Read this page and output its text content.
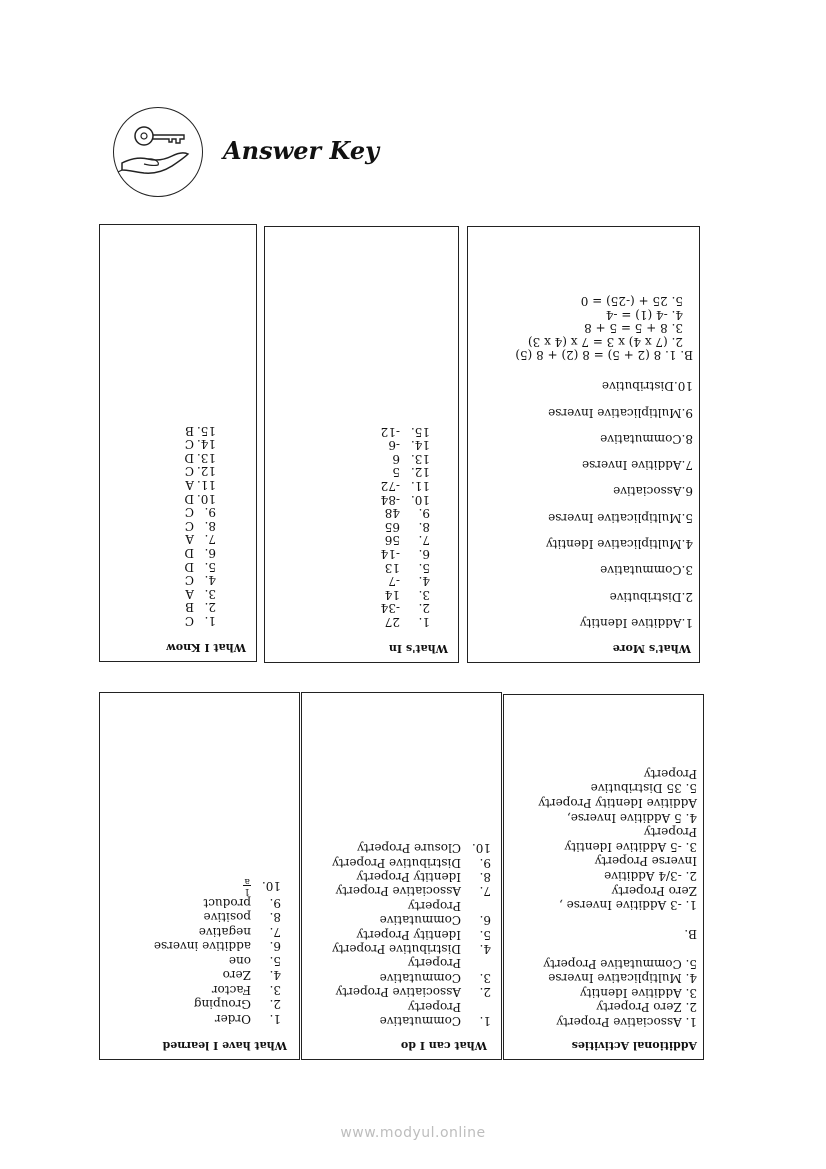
Answer Key
What I Know
1.C
2.B
3.A
4.C
5.D
6.D
7.A
8.C
9.C
10.D
11.A
12.C
13.D
14.C
15.B
What's In
1.27
2.-34
3.14
4.-7
5.13
6.-14
7.56
8.65
9.48
10.-84
11.-72
12.5
13.6
14.-6
15.-12
What's More
1.Additive Identity
2.Distributive
3.Commutative
4.Multiplicative Identity
5.Multiplicative Inverse
6.Associative
7.Additive Inverse
8.Commutative
9.Multiplicative Inverse
10.Distributive
B. 1. 8 (2 + 5) = 8 (2) + 8 (5)
2. (7 x 4) x 3 = 7 x (4 x 3)
3. 8 + 5 = 5 + 8
4. -4 (1) = -4
5. 25 + (-25) = 0
What have I learned
1.Order
2.Grouping
3.Factor
4.Zero
5.one
6.additive inverse
7.negative
8.positive
9.product
10.
1
a
What can I do
1.Commutative
Property
2.Associative Property
3.Commutative
Property
4.Distributive Property
5.Identity Property
6.Commutative
Property
7.Associative Property
8.Identity Property
9.Distributive Property
10.Closure Property
Additional Activities
1. Associative Property
2. Zero Property
3. Additive Identity
4. Multiplicative Inverse
5. Commutative Property
B.
1. -3 Additive Inverse ,
Zero Property
2. -3/4 Additive
Inverse Property
3. -5 Additive Identity
Property
4. 5 Additive Inverse,
Additive Identity Property
5. 35 Distributive
Property
www.modyul.online
